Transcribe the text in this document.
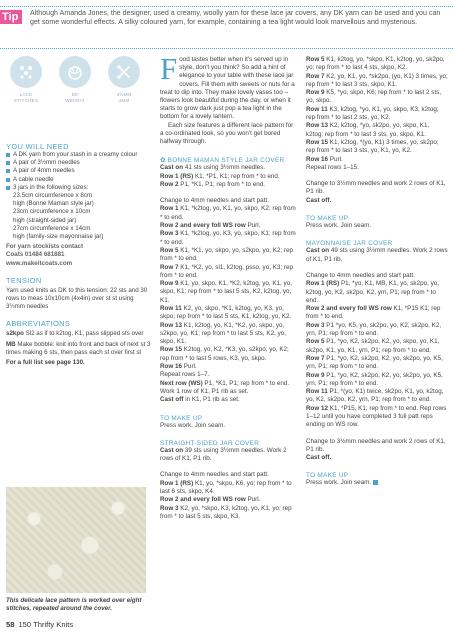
Tip	Although Amanda Jones, the designer, used a creamy, woolly yarn for these lace jar covers, any DK yarn can be used and you can get some wonderful effects. A silky coloured yarn, for example, containing a tea light would look marvellous and mysterious.

LACE
STITCHES
DK
WEIGHT
3½MM
4MM
YOU WILL NEED
A DK yarn from your stash in a creamy colour
A pair of 3½mm needles
A pair of 4mm needles
A cable needle
3 jars in the following sizes:
23.5cm circumference x 8cm
high (Bonne Maman style jar)
23cm circumference x 10cm
high (straight-sided jar)
27cm circumference x 14cm
high (family-size mayonnaise jar)
For yarn stockists contact
Coats 01484 681881
www.makeitcoats.com
TENSION

Yarn used knits as DK to this tension: 22 sts and 30 rows to meas 10x10cm (4x4in) over st st using 3½mm needles

ABBREVIATIONS

s2kpo Sl2 as if to k2tog, K1, pass slipped sts over

MB Make bobble: knit into front and back of next st 3 times making 6 sts, then pass each st over first st

For a full list see page 130.

This delicate lace pattern is worked over eight stitches, repeated around the cover.

58 150 Thrifty Knits

Food tastes better when it's served up in style, don't you think? So add a hint of elegance to your table with these lace jar covers. Fill them with sweets or nuts for a treat to dip into. They make lovely vases too – flowers look beautiful during the day, or when it starts to grow dark just pop a tea light in the bottom for a lovely lantern.

Each size features a different lace pattern for a co-ordinated look, so you won't get bored halfway through.

✿ BONNE MAMAN STYLE JAR COVER
Cast on 41 sts using 3½mm needles.
Row 1 (RS) K1, *P1, K1; rep from * to end.
Row 2 P1, *K1, P1; rep from * to end.
Change to 4mm needles and start patt.
Row 1 K1, *k2tog, yo, K1, yo, skpo, K2; rep from * to end.
Row 2 and every foll WS row Purl.
Row 3 K1, *k2tog, yo, K3, yo, skpo, K1; rep from * to end.
Row 5 K1, *K1, yo, skpo, yo, s2kpo, yo, K2; rep from * to end.
Row 7 K1, *K2, yo, sl1, k2tog, psso, yo, K3; rep from * to end.
Row 9 K1, yo, skpo, K1, *K2, k2tog, yo, K1, yo, skpo, K1; rep from * to last 5 sts, K2, k2tog, yo, K1.
Row 11 K2, yo, skpo, *K1, k2tog, yo, K3, yo, skpo; rep from * to last 5 sts, K1, k2tog, yo, K2.
Row 13 K1, k2tog, yo, K1, *K2, yo, skpo, yo, s2kpo, yo, K1; rep from * to last 5 sts, K2, yo, skpo, K1.
Row 15 K2tog, yo, K2, *K3, yo, s2kpo, yo, K2; rep from * to last 5 rows, K3, yo, skpo.
Row 16 Purl.
Repeat rows 1–7.
Next row (WS) P1, *K1, P1; rep from * to end.
Work 1 row of K1, P1 rib as set.
Cast off in K1, P1 rib as set.
TO MAKE UP
Press work. Join seam.
STRAIGHT-SIDED JAR COVER
Cast on 39 sts using 3½mm needles. Work 2 rows of K1, P1 rib.
Change to 4mm needles and start patt.
Row 1 (RS) K1, yo, *skpo, K6, yo; rep from * to last 6 sts, skpo, K4.
Row 2 and every foll WS row Purl.
Row 3 K2, yo, *skpo, K3, k2tog, yo, K1, yo; rep from * to last 5 sts, skpo, K3.
Row 5 K1, k2tog, yo, *skpo, K1, k2tog, yo, sk2po, yo; rep from * to last 4 sts, skpo, K2.
Row 7 K2, yo, K1, yo, *sk2po, (yo, K1) 3 times, yo; rep from * to last 3 sts, skpo, K1.
Row 9 K5, *yo, skpo, K6; rep from * to last 2 sts, yo, skpo.
Row 11 K3, k2tog, *yo, K1, yo, skpo, K3, k2tog; rep from * to last 2 sts, yo, K2.
Row 13 K2, k2tog, *yo, sk2po, yo, skpo, K1, k2tog; rep from * to last 3 sts, yo, skpo, K1.
Row 15 K1, k2tog, *(yo, K1) 3 times, yo, sk2po; rep from * to last 3 sts, yo, K1, yo, K2.
Row 16 Purl.
Repeat rows 1–15.
Change to 3½mm needles and work 2 rows of K1, P1 rib.
Cast off.
TO MAKE UP
Press work. Join seam.
MAYONNAISE JAR COVER
Cast on 49 sts using 3½mm needles. Work 2 rows of K1, P1 rib.
Change to 4mm needles and start patt.
Row 1 (RS) P1, *yo, K1, MB, K1, yo, sk2po, yo, k2tog, yo, K2, sk2po, K2, yrn, P1; rep from * to end.
Row 2 and every foll WS row K1, *P15 K1; rep from * to end.
Row 3 P1 *yo, K5, yo, sk2po, yo, K2, sk2po, K2, yrn, P1; rep from * to end.
Row 5 P1, *yo, K2, sk2po, K2, yo, skpo, yo, K1, sk2po, K1, yo, K1, yrn, P1; rep from * to end.
Row 7 P1, *yo, K2, sk2po, K2, yo, sk2po, yo, K5, yrn, P1; rep from * to end.
Row 9 P1, *yo, K2, sk2po, K2, yo, sk2po, yo, K5, yrn, P1; rep from * to end.
Row 11 P1, *(yo, K1) twice, sk2po, K1, yo, k2tog, yo, K2, sk2po, K2, yrn, P1; rep from * to end.
Row 12 K1, *P15, K1; rep from * to end. Rep rows 1–12 until you have completed 3 full patt reps ending on WS row.
Change to 3½mm needles and work 2 rows of K1, P1 rib.
Cast off.
TO MAKE UP
Press work. Join seam.
